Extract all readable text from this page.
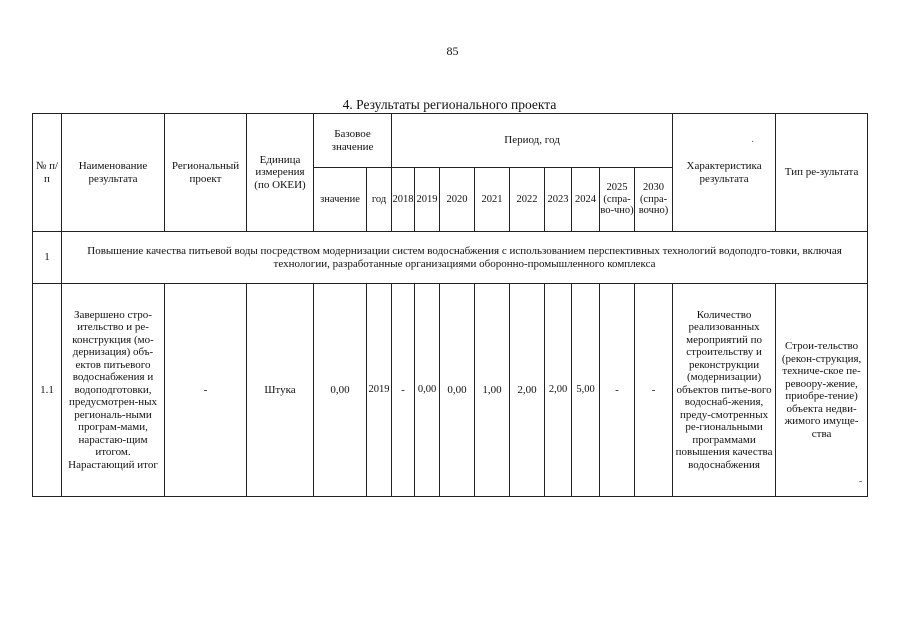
85
4. Результаты регионального проекта
·
№ п/п	Наименование результата	Региональный проект	Единица измерения (по ОКЕИ)	Базовое значение		Период, год									Характеристика результата	Тип ре-зультата
				значение	год	2018	2019	2020	2021	2022	2023	2024	2025 (спра-во-чно)	2030 (спра-вочно)		
1	Повышение качества питьевой воды посредством модернизации систем водоснабжения с использованием перспективных технологий водоподго-товки, включая технологии, разработанные организациями оборонно-промышленного комплекса															
1.1	Завершено стро-ительство и ре-конструкция (мо-дернизация) объ-ектов питьевого водоснабжения и водоподготовки, предусмотрен-ных региональ-ными програм-мами, нарастаю-щим итогом. Нарастающий итог	-	Штука	0,00	2019	-	0,00	0,00	1,00	2,00	2,00	5,00	-	-	Количество реализованных мероприятий по строительству и реконструкции (модернизации) объектов питье-вого водоснаб-жения, преду-смотренных ре-гиональными программами повышения качества водоснабжения	Строи-тельство (рекон-струкция, техниче-ское пе-ревоору-жение, приобре-тение) объекта недви-жимого имуще-ства
-
